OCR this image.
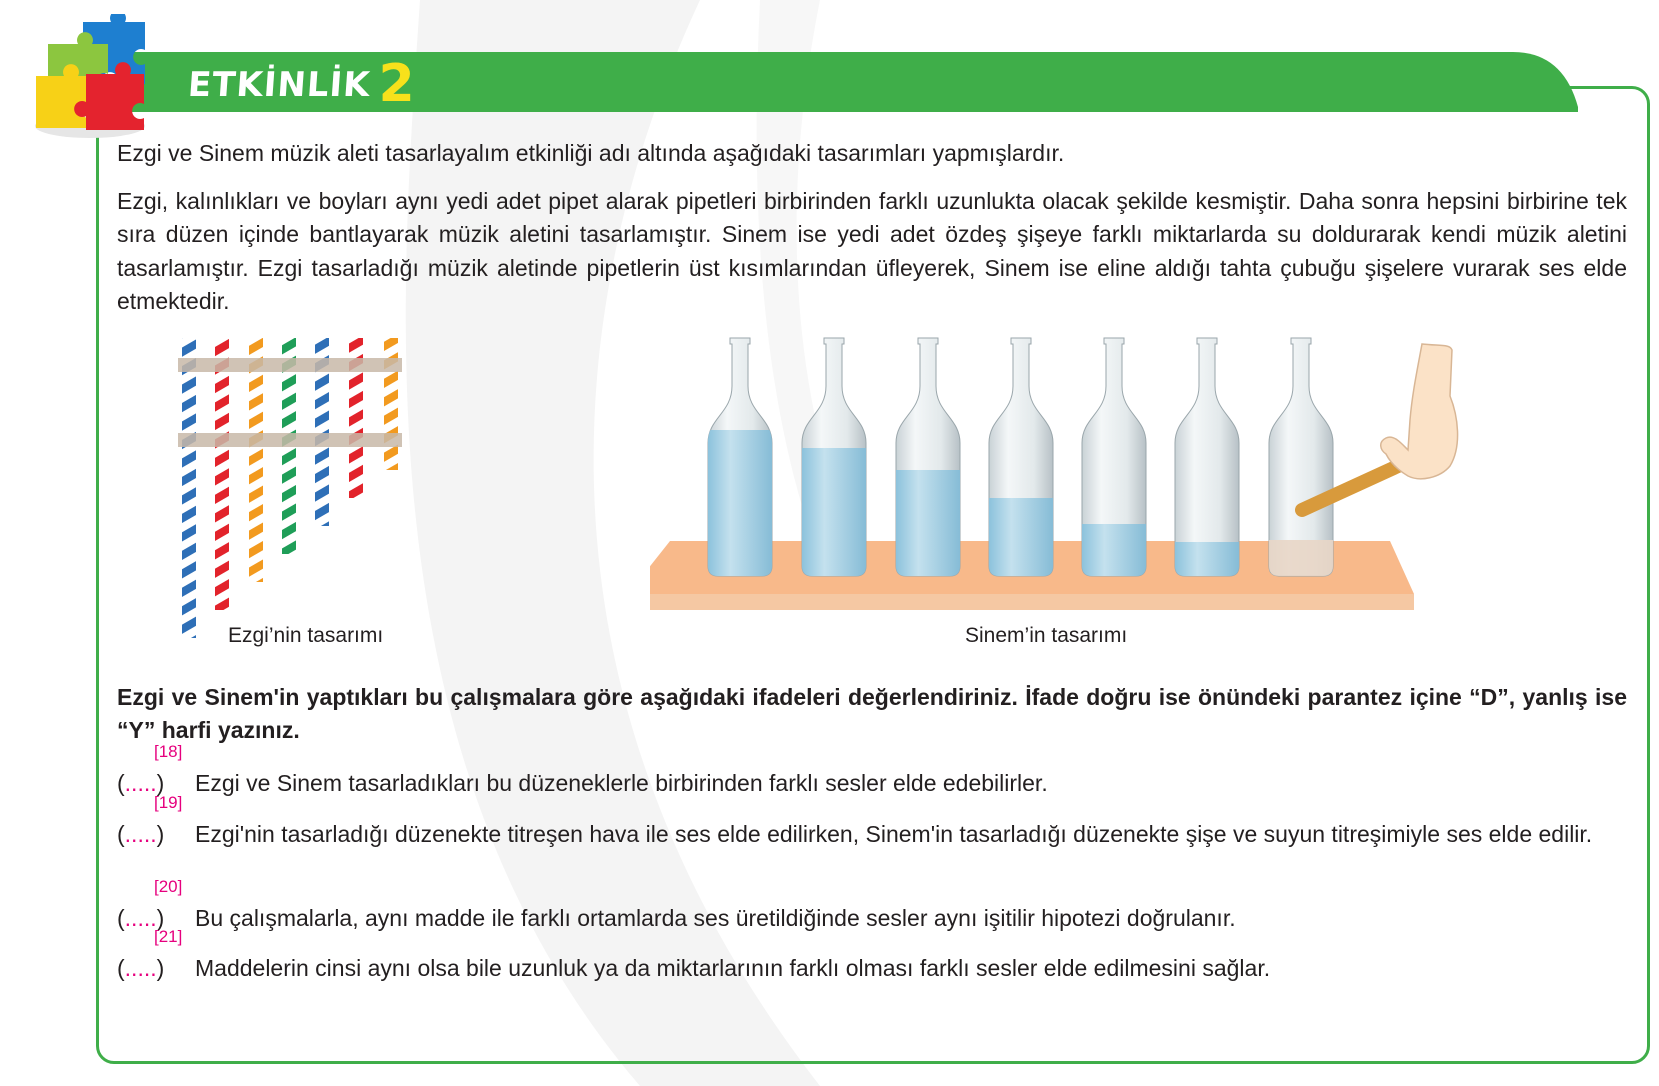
ETKİNLİK 2
Ezgi ve Sinem müzik aleti tasarlayalım etkinliği adı altında aşağıdaki tasarımları yapmışlardır.
Ezgi, kalınlıkları ve boyları aynı yedi adet pipet alarak pipetleri birbirinden farklı uzunlukta olacak şekilde kesmiştir. Daha sonra hepsini birbirine tek sıra düzen içinde bantlayarak müzik aletini tasarlamıştır. Sinem ise yedi adet özdeş şişeye farklı miktarlarda su doldurarak kendi müzik aletini tasarlamıştır. Ezgi tasarladığı müzik aletinde pipetlerin üst kısımlarından üfleyerek, Sinem ise eline aldığı tahta çubuğu şişelere vurarak ses elde etmektedir.
Ezgi’nin tasarımı	Sinem’in tasarımı
Ezgi ve Sinem'in yaptıkları bu çalışmalara göre aşağıdaki ifadeleri değerlendiriniz. İfade doğru ise önündeki parantez içine “D”, yanlış ise “Y” harfi yazınız.
[18]
(.....) Ezgi ve Sinem tasarladıkları bu düzeneklerle birbirinden farklı sesler elde edebilirler.
[19]
(.....) Ezgi'nin tasarladığı düzenekte titreşen hava ile ses elde edilirken, Sinem'in tasarladığı düzenekte şişe ve suyun titreşimiyle ses elde edilir.
[20]
(.....) Bu çalışmalarla, aynı madde ile farklı ortamlarda ses üretildiğinde sesler aynı işitilir hipotezi doğrulanır.
[21]
(.....) Maddelerin cinsi aynı olsa bile uzunluk ya da miktarlarının farklı olması farklı sesler elde edilmesini sağlar.
